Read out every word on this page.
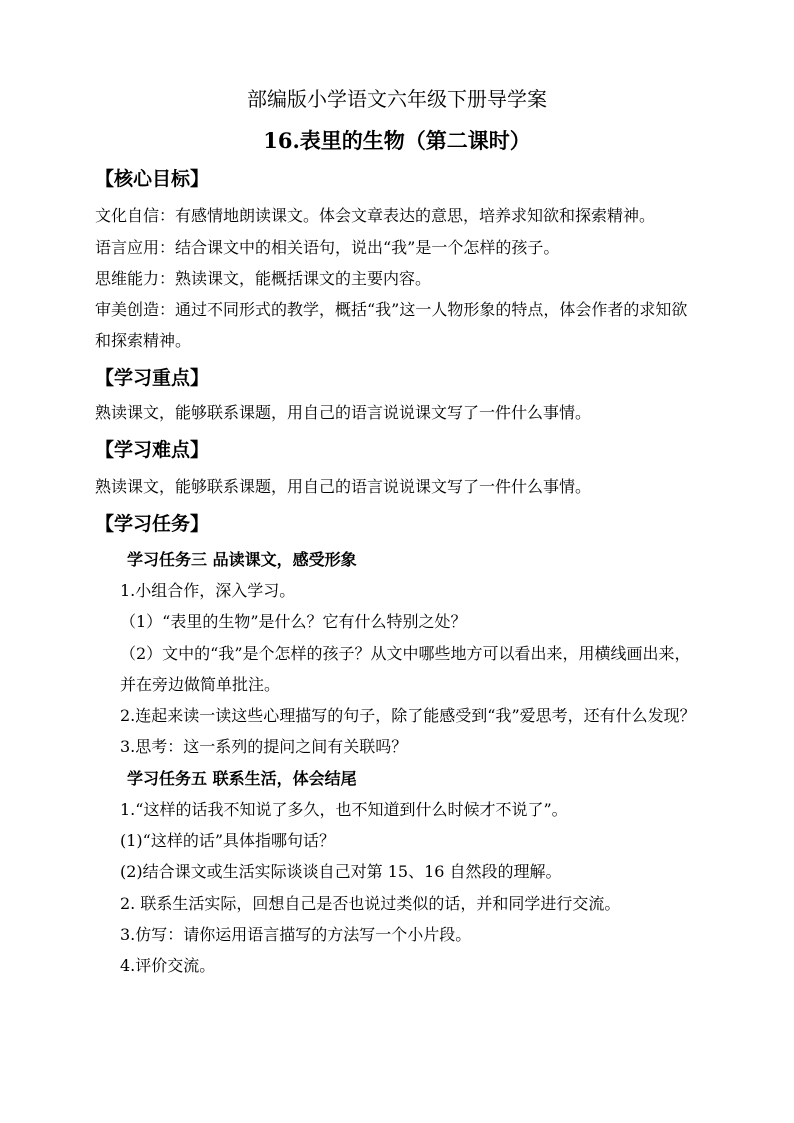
部编版小学语文六年级下册导学案
16.表里的生物（第二课时）
【核心目标】
文化自信：有感情地朗读课文。体会文章表达的意思，培养求知欲和探索精神。
语言应用：结合课文中的相关语句，说出“我”是一个怎样的孩子。
思维能力：熟读课文，能概括课文的主要内容。
审美创造：通过不同形式的教学，概括“我”这一人物形象的特点，体会作者的求知欲
和探索精神。
【学习重点】
熟读课文，能够联系课题，用自己的语言说说课文写了一件什么事情。
【学习难点】
熟读课文，能够联系课题，用自己的语言说说课文写了一件什么事情。
【学习任务】
学习任务三 品读课文，感受形象
1.小组合作，深入学习。
（1）“表里的生物”是什么？它有什么特别之处？
（2）文中的“我”是个怎样的孩子？从文中哪些地方可以看出来，用横线画出来，
并在旁边做简单批注。
2.连起来读一读这些心理描写的句子，除了能感受到“我”爱思考，还有什么发现？
3.思考：这一系列的提问之间有关联吗？
学习任务五 联系生活，体会结尾
1.“这样的话我不知说了多久，也不知道到什么时候才不说了”。
(1)“这样的话”具体指哪句话？
(2)结合课文或生活实际谈谈自己对第 15、16 自然段的理解。
2. 联系生活实际，回想自己是否也说过类似的话，并和同学进行交流。
3.仿写：请你运用语言描写的方法写一个小片段。
4.评价交流。
